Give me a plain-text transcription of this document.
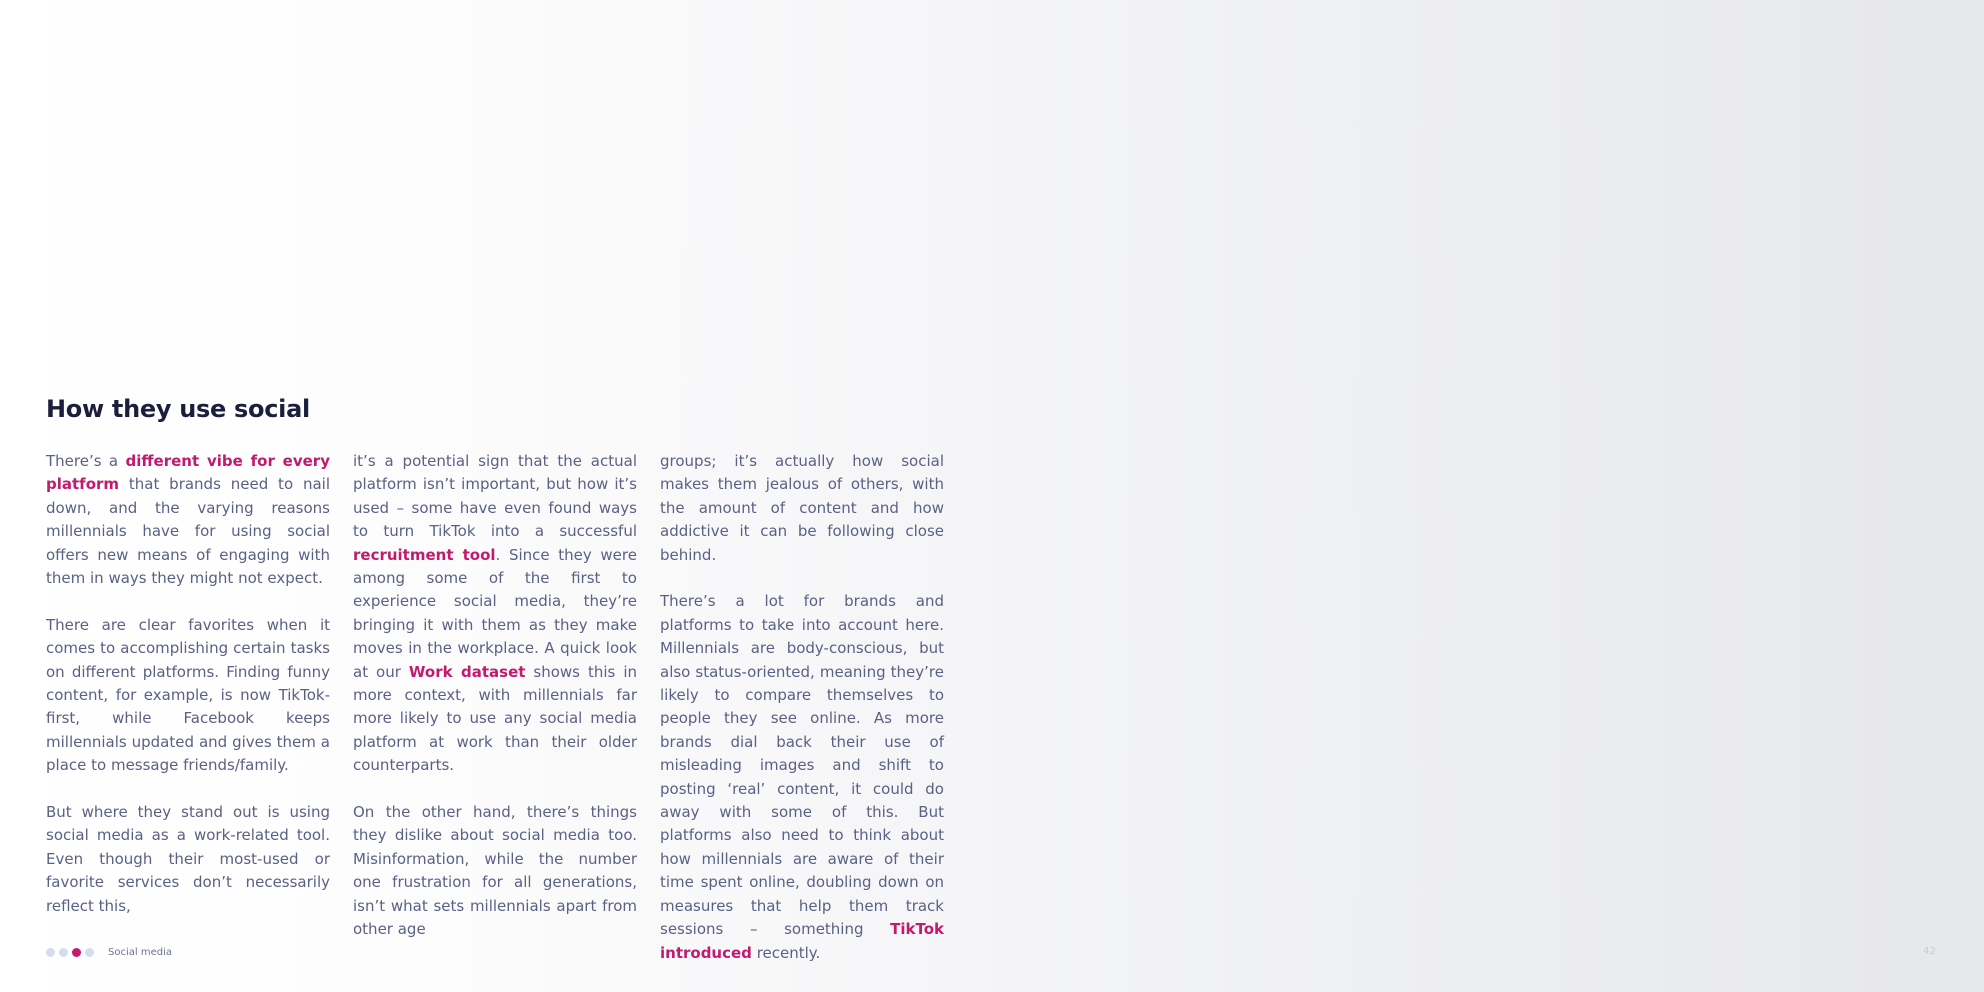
How they use social

There’s a different vibe for every platform that brands need to nail down, and the varying reasons millennials have for using social offers new means of engaging with them in ways they might not expect.

There are clear favorites when it comes to accomplishing certain tasks on different platforms. Finding funny content, for example, is now TikTok-first, while Facebook keeps millennials updated and gives them a place to message friends/family.

But where they stand out is using social media as a work-related tool. Even though their most-used or favorite services don’t necessarily reflect this,

it’s a potential sign that the actual platform isn’t important, but how it’s used – some have even found ways to turn TikTok into a successful recruitment tool. Since they were among some of the first to experience social media, they’re bringing it with them as they make moves in the workplace. A quick look at our Work dataset shows this in more context, with millennials far more likely to use any social media platform at work than their older counterparts.

On the other hand, there’s things they dislike about social media too. Misinformation, while the number one frustration for all generations, isn’t what sets millennials apart from other age

groups; it’s actually how social makes them jealous of others, with the amount of content and how addictive it can be following close behind.

There’s a lot for brands and platforms to take into account here. Millennials are body-conscious, but also status-oriented, meaning they’re likely to compare themselves to people they see online. As more brands dial back their use of misleading images and shift to posting ‘real’ content, it could do away with some of this. But platforms also need to think about how millennials are aware of their time spent online, doubling down on measures that help them track sessions – something TikTok introduced recently.

Social media	42
